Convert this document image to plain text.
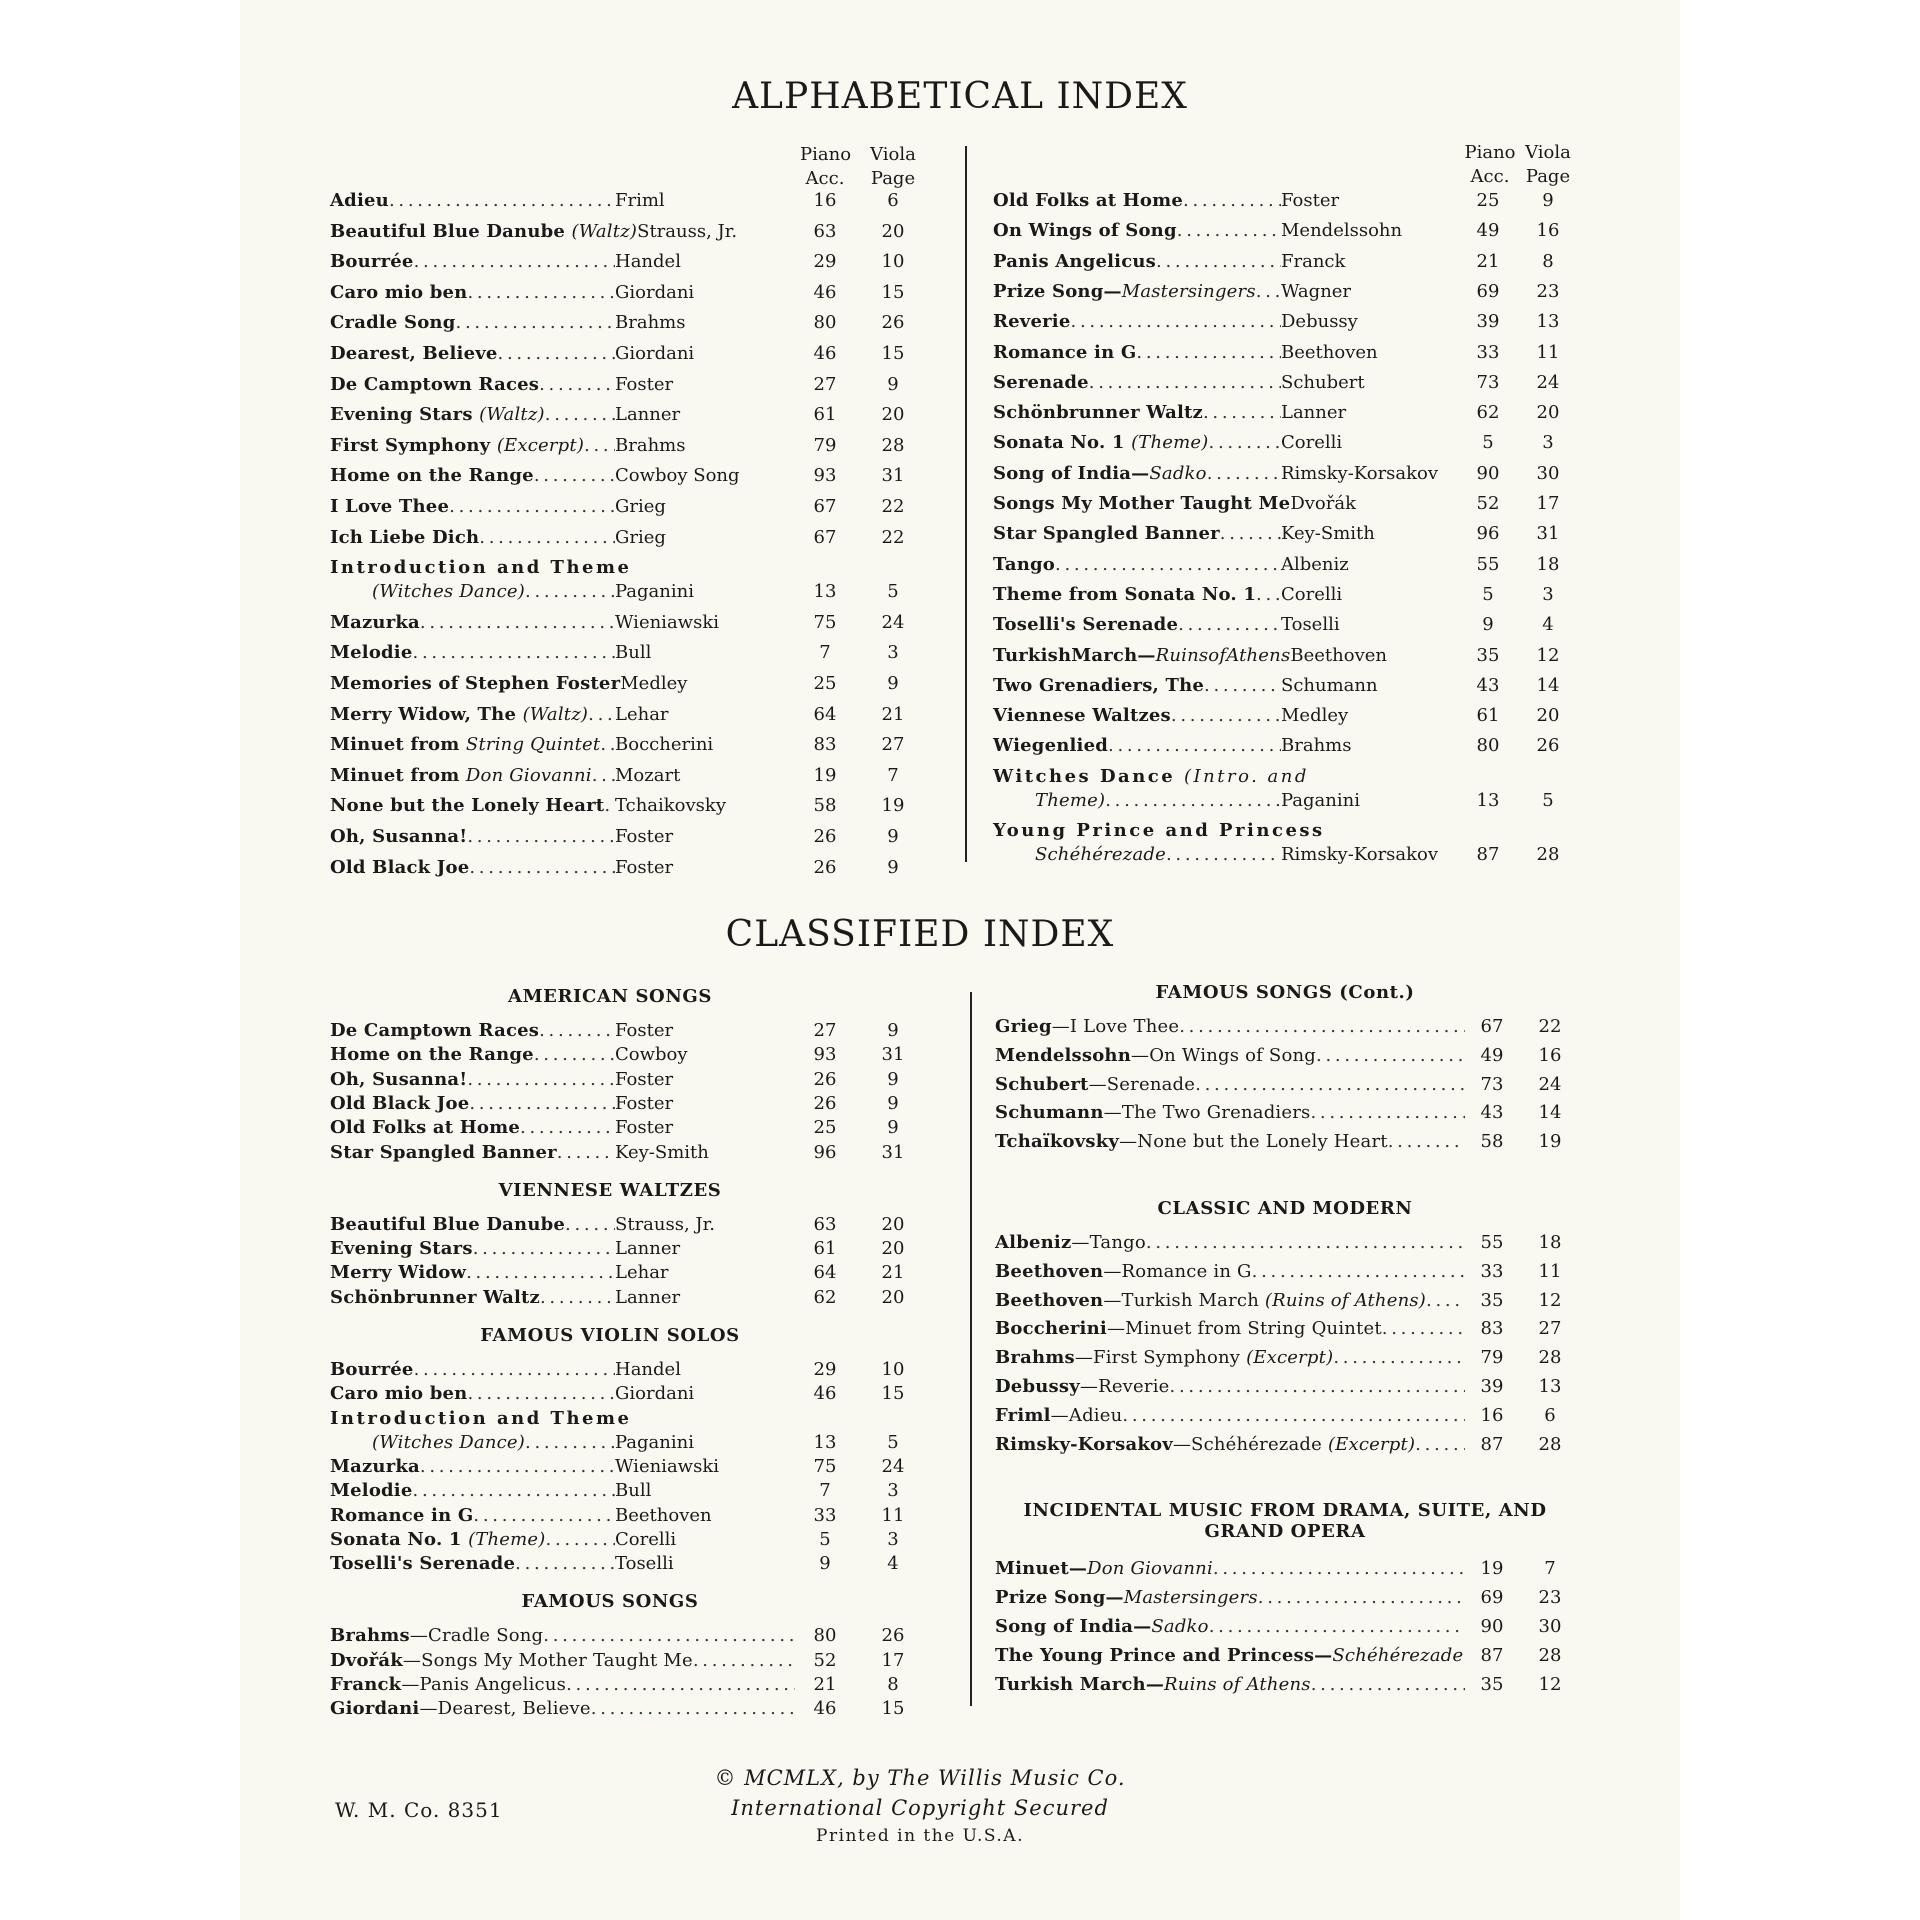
ALPHABETICAL INDEX
Piano
Acc.
Viola
Page
Adieu . . .	Friml	16	6
Beautiful Blue Danube (Waltz) Strauss, Jr.	63	20
Bourrée . . .	Handel	29	10
Caro mio ben . . .	Giordani	46	15
Cradle Song . . .	Brahms	80	26
Dearest, Believe . . .	Giordani	46	15
De Camptown Races . . .	Foster	27	9
Evening Stars (Waltz) . . .	Lanner	61	20
First Symphony (Excerpt) . . . Brahms	79	28
Home on the Range . . .	Cowboy Song	93	31
I Love Thee . . .	Grieg	67	22
Ich Liebe Dich . . .	Grieg	67	22
Introduction and Theme
(Witches Dance) . . .	Paganini	13	5
Mazurka . . .	Wieniawski	75	24
Melodie . . .	Bull	7	3
Memories of Stephen Foster Medley	25	9
Merry Widow, The (Waltz) . . . Lehar	64	21
Minuet from String Quintet . . . Boccherini	83	27
Minuet from Don Giovanni . . . Mozart	19	7
None but the Lonely Heart . . . Tchaikovsky	58	19
Oh, Susanna! . . .	Foster	26	9
Old Black Joe . . .	Foster	26	9
Piano
Acc.
Viola
Page
Old Folks at Home . . .	Foster	25	9
On Wings of Song . . .	Mendelssohn	49	16
Panis Angelicus . . .	Franck	21	8
Prize Song—Mastersingers . . . Wagner	69	23
Reverie . . .	Debussy	39	13
Romance in G . . .	Beethoven	33	11
Serenade . . .	Schubert	73	24
Schönbrunner Waltz . . .	Lanner	62	20
Sonata No. 1 (Theme) . . .	Corelli	5	3
Song of India—Sadko . . .	Rimsky-Korsakov	90	30
Songs My Mother Taught Me Dvořák	52	17
Star Spangled Banner . . .	Key-Smith	96	31
Tango . . .	Albeniz	55	18
Theme from Sonata No. 1 . . . Corelli	5	3
Toselli's Serenade . . .	Toselli	9	4
TurkishMarch—RuinsofAthens Beethoven	35	12
Two Grenadiers, The . . .	Schumann	43	14
Viennese Waltzes . . .	Medley	61	20
Wiegenlied . . .	Brahms	80	26
Witches Dance (Intro. and
Theme) . . .	Paganini	13	5
Young Prince and Princess
Schéhérezade . . .	Rimsky-Korsakov	87	28
CLASSIFIED INDEX
AMERICAN SONGS
De Camptown Races . . .	Foster	27	9
Home on the Range . . .	Cowboy	93	31
Oh, Susanna! . . .	Foster	26	9
Old Black Joe . . .	Foster	26	9
Old Folks at Home . . .	Foster	25	9
Star Spangled Banner . . .	Key-Smith	96	31
VIENNESE WALTZES
Beautiful Blue Danube . . .	Strauss, Jr.	63	20
Evening Stars . . .	Lanner	61	20
Merry Widow . . .	Lehar	64	21
Schönbrunner Waltz . . .	Lanner	62	20
FAMOUS VIOLIN SOLOS
Bourrée . . .	Handel	29	10
Caro mio ben . . .	Giordani	46	15
Introduction and Theme
(Witches Dance) . . .	Paganini	13	5
Mazurka . . .	Wieniawski	75	24
Melodie . . .	Bull	7	3
Romance in G . . .	Beethoven	33	11
Sonata No. 1 (Theme) . . .	Corelli	5	3
Toselli's Serenade . . .	Toselli	9	4
FAMOUS SONGS
Brahms—Cradle Song . . .	80	26
Dvořák—Songs My Mother Taught Me . . .	52	17
Franck—Panis Angelicus . . .	21	8
Giordani—Dearest, Believe . . .	46	15
FAMOUS SONGS (Cont.)
Grieg—I Love Thee . . .	67	22
Mendelssohn—On Wings of Song . . .	49	16
Schubert—Serenade . . .	73	24
Schumann—The Two Grenadiers . . .	43	14
Tchaïkovsky—None but the Lonely Heart . . .	58	19
CLASSIC AND MODERN
Albeniz—Tango . . .	55	18
Beethoven—Romance in G . . .	33	11
Beethoven—Turkish March (Ruins of Athens) . . .	35	12
Boccherini—Minuet from String Quintet . . .	83	27
Brahms—First Symphony (Excerpt) . . .	79	28
Debussy—Reverie . . .	39	13
Friml—Adieu . . .	16	6
Rimsky-Korsakov—Schéhérezade (Excerpt) . . .	87	28
INCIDENTAL MUSIC FROM DRAMA, SUITE, AND GRAND OPERA
Minuet—Don Giovanni . . .	19	7
Prize Song—Mastersingers . . .	69	23
Song of India—Sadko . . .	90	30
The Young Prince and Princess—Schéhérezade . . . 87	28
Turkish March—Ruins of Athens . . .	35	12
W. M. Co. 8351
© MCMLX, by The Willis Music Co.
International Copyright Secured
Printed in the U.S.A.
